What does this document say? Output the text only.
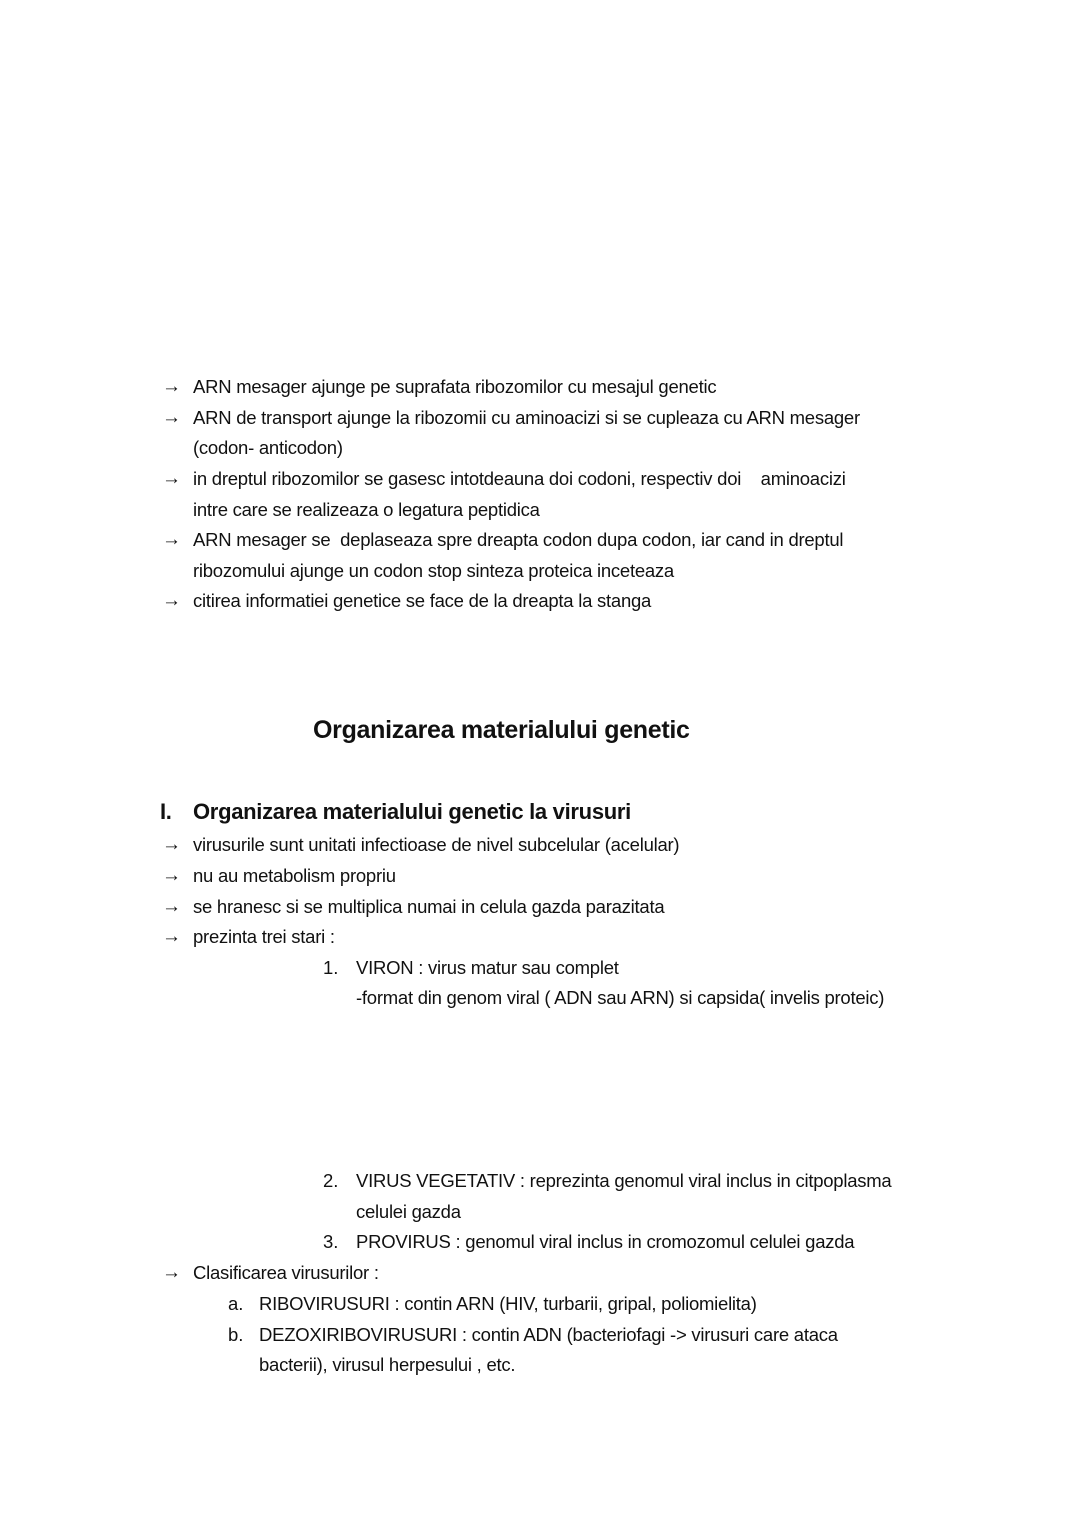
→ ARN mesager ajunge pe suprafata ribozomilor cu mesajul genetic
→ ARN de transport ajunge la ribozomii cu aminoacizi si se cupleaza cu ARN mesager
(codon- anticodon)
→ in dreptul ribozomilor se gasesc intotdeauna doi codoni, respectiv doi    aminoacizi
intre care se realizeaza o legatura peptidica
→ ARN mesager se  deplaseaza spre dreapta codon dupa codon, iar cand in dreptul
ribozomului ajunge un codon stop sinteza proteica inceteaza
→ citirea informatiei genetice se face de la dreapta la stanga
Organizarea materialului genetic
I. Organizarea materialului genetic la virusuri
→ virusurile sunt unitati infectioase de nivel subcelular (acelular)
→ nu au metabolism propriu
→ se hranesc si se multiplica numai in celula gazda parazitata
→ prezinta trei stari :
1. VIRON : virus matur sau complet
-format din genom viral ( ADN sau ARN) si capsida( invelis proteic)
2. VIRUS VEGETATIV : reprezinta genomul viral inclus in citpoplasma
celulei gazda
3. PROVIRUS : genomul viral inclus in cromozomul celulei gazda
→ Clasificarea virusurilor :
a. RIBOVIRUSURI : contin ARN (HIV, turbarii, gripal, poliomielita)
b. DEZOXIRIBOVIRUSURI : contin ADN (bacteriofagi -> virusuri care ataca
bacterii), virusul herpesului , etc.
